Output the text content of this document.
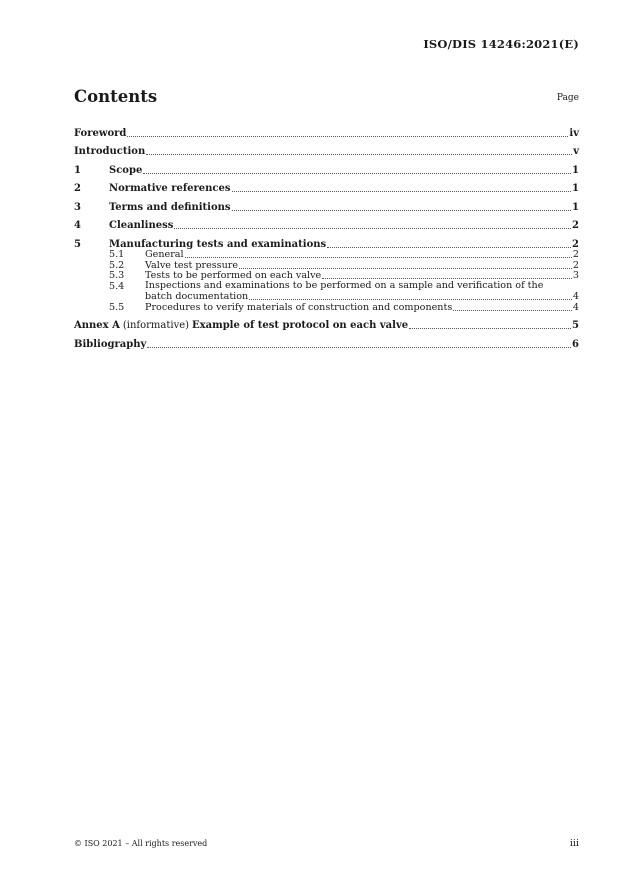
ISO/DIS 14246:2021(E)
Contents	Page
Foreword	iv
Introduction	v
1	Scope	1
2	Normative references	1
3	Terms and definitions	1
4	Cleanliness	2
5	Manufacturing tests and examinations	2
5.1	General	2
5.2	Valve test pressure	2
5.3	Tests to be performed on each valve	3
5.4	Inspections and examinations to be performed on a sample and verification of the
batch documentation	4
5.5	Procedures to verify materials of construction and components	4
Annex A (informative) Example of test protocol on each valve	5
Bibliography	6
© ISO 2021 – All rights reserved	iii
